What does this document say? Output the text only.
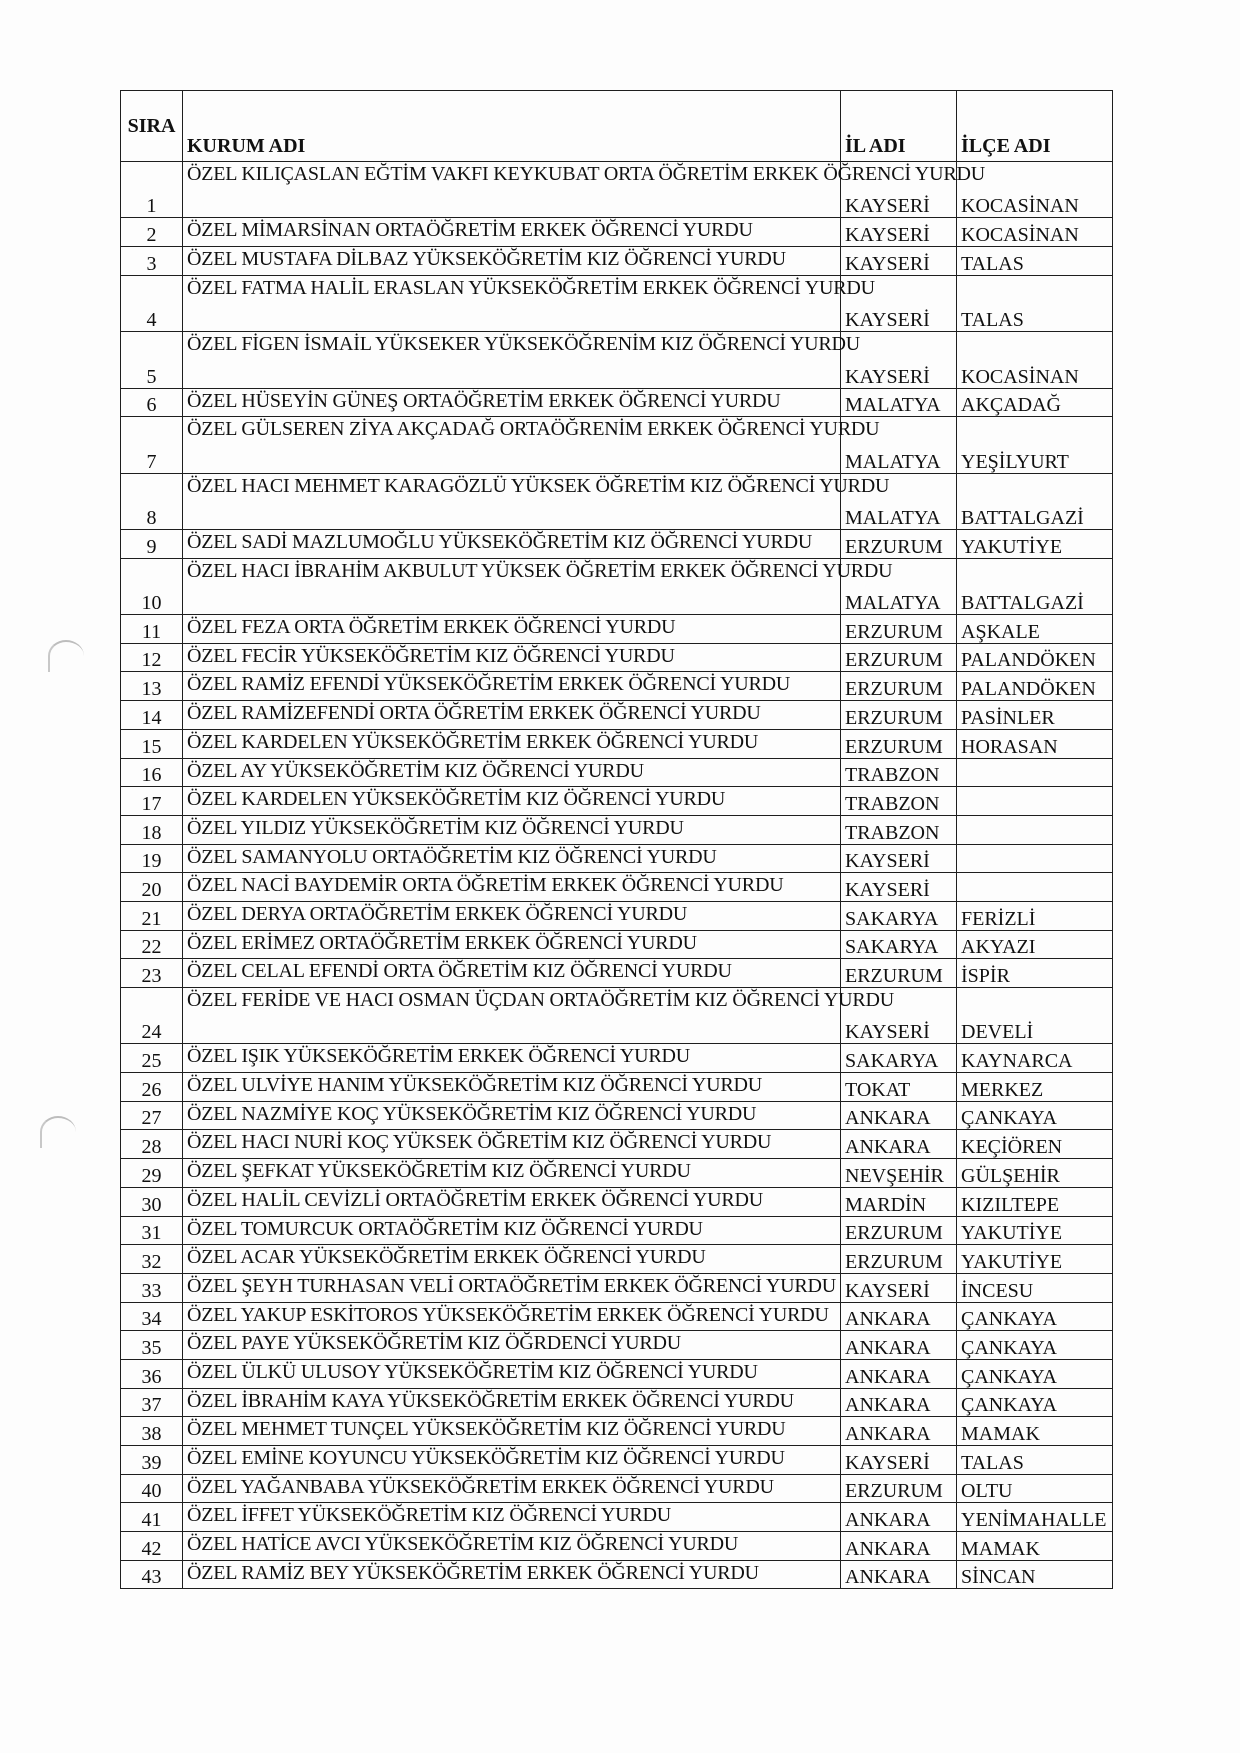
SIRA	KURUM ADI	İL ADI	İLÇE ADI
1	ÖZEL KILIÇASLAN EĞTİM VAKFI KEYKUBAT ORTA ÖĞRETİM ERKEK ÖĞRENCİ YURDU	KAYSERİ	KOCASİNAN
2	ÖZEL MİMARSİNAN ORTAÖĞRETİM ERKEK ÖĞRENCİ YURDU	KAYSERİ	KOCASİNAN
3	ÖZEL MUSTAFA DİLBAZ YÜKSEKÖĞRETİM KIZ ÖĞRENCİ YURDU	KAYSERİ	TALAS
4	ÖZEL FATMA HALİL ERASLAN YÜKSEKÖĞRETİM ERKEK ÖĞRENCİ YURDU	KAYSERİ	TALAS
5	ÖZEL FİGEN İSMAİL YÜKSEKER YÜKSEKÖĞRENİM KIZ ÖĞRENCİ YURDU	KAYSERİ	KOCASİNAN
6	ÖZEL HÜSEYİN GÜNEŞ ORTAÖĞRETİM ERKEK ÖĞRENCİ YURDU	MALATYA	AKÇADAĞ
7	ÖZEL GÜLSEREN ZİYA AKÇADAĞ ORTAÖĞRENİM ERKEK ÖĞRENCİ YURDU	MALATYA	YEŞİLYURT
8	ÖZEL HACI MEHMET KARAGÖZLÜ YÜKSEK ÖĞRETİM KIZ ÖĞRENCİ YURDU	MALATYA	BATTALGAZİ
9	ÖZEL SADİ MAZLUMOĞLU YÜKSEKÖĞRETİM KIZ ÖĞRENCİ YURDU	ERZURUM	YAKUTİYE
10	ÖZEL HACI İBRAHİM AKBULUT YÜKSEK ÖĞRETİM ERKEK ÖĞRENCİ YURDU	MALATYA	BATTALGAZİ
11	ÖZEL FEZA ORTA ÖĞRETİM ERKEK ÖĞRENCİ YURDU	ERZURUM	AŞKALE
12	ÖZEL FECİR YÜKSEKÖĞRETİM KIZ ÖĞRENCİ YURDU	ERZURUM	PALANDÖKEN
13	ÖZEL RAMİZ EFENDİ YÜKSEKÖĞRETİM ERKEK ÖĞRENCİ YURDU	ERZURUM	PALANDÖKEN
14	ÖZEL RAMİZEFENDİ ORTA ÖĞRETİM ERKEK ÖĞRENCİ YURDU	ERZURUM	PASİNLER
15	ÖZEL KARDELEN YÜKSEKÖĞRETİM ERKEK ÖĞRENCİ YURDU	ERZURUM	HORASAN
16	ÖZEL AY YÜKSEKÖĞRETİM KIZ ÖĞRENCİ YURDU	TRABZON	
17	ÖZEL KARDELEN YÜKSEKÖĞRETİM KIZ ÖĞRENCİ YURDU	TRABZON	
18	ÖZEL YILDIZ YÜKSEKÖĞRETİM KIZ ÖĞRENCİ YURDU	TRABZON	
19	ÖZEL SAMANYOLU ORTAÖĞRETİM KIZ ÖĞRENCİ YURDU	KAYSERİ	
20	ÖZEL NACİ BAYDEMİR ORTA ÖĞRETİM ERKEK ÖĞRENCİ YURDU	KAYSERİ	
21	ÖZEL DERYA ORTAÖĞRETİM ERKEK ÖĞRENCİ YURDU	SAKARYA	FERİZLİ
22	ÖZEL ERİMEZ ORTAÖĞRETİM ERKEK ÖĞRENCİ YURDU	SAKARYA	AKYAZI
23	ÖZEL CELAL EFENDİ ORTA ÖĞRETİM KIZ ÖĞRENCİ YURDU	ERZURUM	İSPİR
24	ÖZEL FERİDE VE HACI OSMAN ÜÇDAN ORTAÖĞRETİM KIZ ÖĞRENCİ YURDU	KAYSERİ	DEVELİ
25	ÖZEL IŞIK YÜKSEKÖĞRETİM ERKEK ÖĞRENCİ YURDU	SAKARYA	KAYNARCA
26	ÖZEL ULVİYE HANIM YÜKSEKÖĞRETİM KIZ ÖĞRENCİ YURDU	TOKAT	MERKEZ
27	ÖZEL NAZMİYE KOÇ YÜKSEKÖĞRETİM KIZ ÖĞRENCİ YURDU	ANKARA	ÇANKAYA
28	ÖZEL HACI NURİ KOÇ YÜKSEK ÖĞRETİM KIZ ÖĞRENCİ YURDU	ANKARA	KEÇİÖREN
29	ÖZEL ŞEFKAT YÜKSEKÖĞRETİM KIZ ÖĞRENCİ YURDU	NEVŞEHİR	GÜLŞEHİR
30	ÖZEL HALİL CEVİZLİ ORTAÖĞRETİM ERKEK ÖĞRENCİ YURDU	MARDİN	KIZILTEPE
31	ÖZEL TOMURCUK ORTAÖĞRETİM KIZ ÖĞRENCİ YURDU	ERZURUM	YAKUTİYE
32	ÖZEL ACAR YÜKSEKÖĞRETİM ERKEK ÖĞRENCİ YURDU	ERZURUM	YAKUTİYE
33	ÖZEL ŞEYH TURHASAN VELİ ORTAÖĞRETİM ERKEK ÖĞRENCİ YURDU	KAYSERİ	İNCESU
34	ÖZEL YAKUP ESKİTOROS YÜKSEKÖĞRETİM ERKEK ÖĞRENCİ YURDU	ANKARA	ÇANKAYA
35	ÖZEL PAYE YÜKSEKÖĞRETİM KIZ ÖĞRDENCİ YURDU	ANKARA	ÇANKAYA
36	ÖZEL ÜLKÜ ULUSOY YÜKSEKÖĞRETİM KIZ ÖĞRENCİ YURDU	ANKARA	ÇANKAYA
37	ÖZEL İBRAHİM KAYA YÜKSEKÖĞRETİM ERKEK ÖĞRENCİ YURDU	ANKARA	ÇANKAYA
38	ÖZEL MEHMET TUNÇEL YÜKSEKÖĞRETİM KIZ ÖĞRENCİ YURDU	ANKARA	MAMAK
39	ÖZEL EMİNE KOYUNCU YÜKSEKÖĞRETİM KIZ ÖĞRENCİ YURDU	KAYSERİ	TALAS
40	ÖZEL YAĞANBABA YÜKSEKÖĞRETİM ERKEK ÖĞRENCİ YURDU	ERZURUM	OLTU
41	ÖZEL İFFET YÜKSEKÖĞRETİM KIZ ÖĞRENCİ YURDU	ANKARA	YENİMAHALLE
42	ÖZEL HATİCE AVCI YÜKSEKÖĞRETİM KIZ ÖĞRENCİ YURDU	ANKARA	MAMAK
43	ÖZEL RAMİZ BEY YÜKSEKÖĞRETİM ERKEK ÖĞRENCİ YURDU	ANKARA	SİNCAN
